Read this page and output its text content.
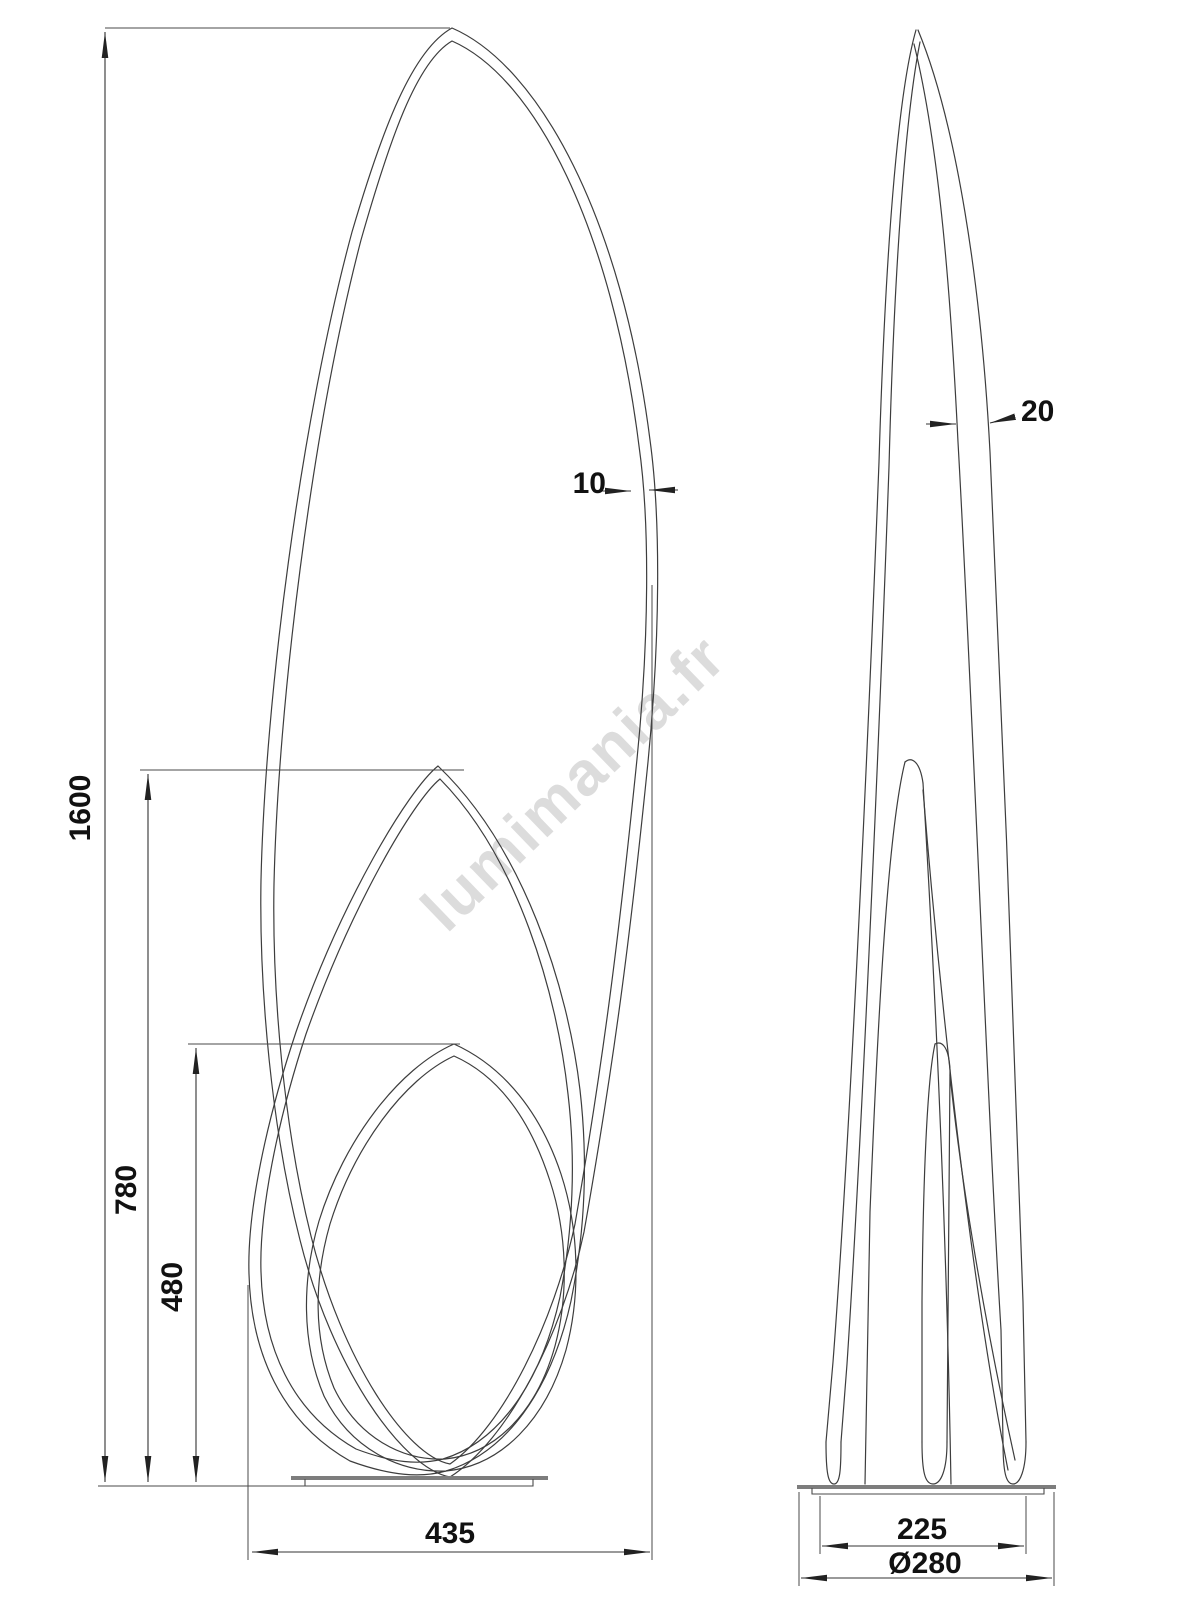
lumimania.fr
1600
780
480
435
10
20
225
Ø280
